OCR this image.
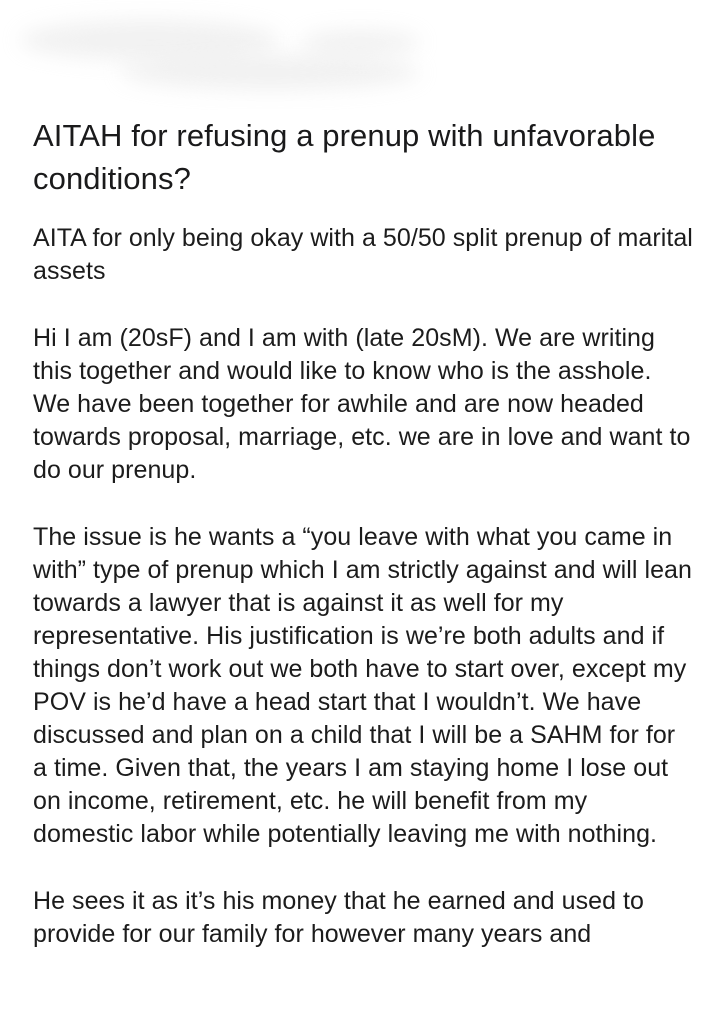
AITAH for refusing a prenup with unfavorable conditions?

AITA for only being okay with a 50/50 split prenup of marital assets

Hi I am (20sF) and I am with (late 20sM). We are writing this together and would like to know who is the asshole. We have been together for awhile and are now headed towards proposal, marriage, etc. we are in love and want to do our prenup.

The issue is he wants a “you leave with what you came in with” type of prenup which I am strictly against and will lean towards a lawyer that is against it as well for my representative. His justification is we’re both adults and if things don’t work out we both have to start over, except my POV is he’d have a head start that I wouldn’t. We have discussed and plan on a child that I will be a SAHM for for a time. Given that, the years I am staying home I lose out on income, retirement, etc. he will benefit from my domestic labor while potentially leaving me with nothing.

He sees it as it’s his money that he earned and used to provide for our family for however many years and
